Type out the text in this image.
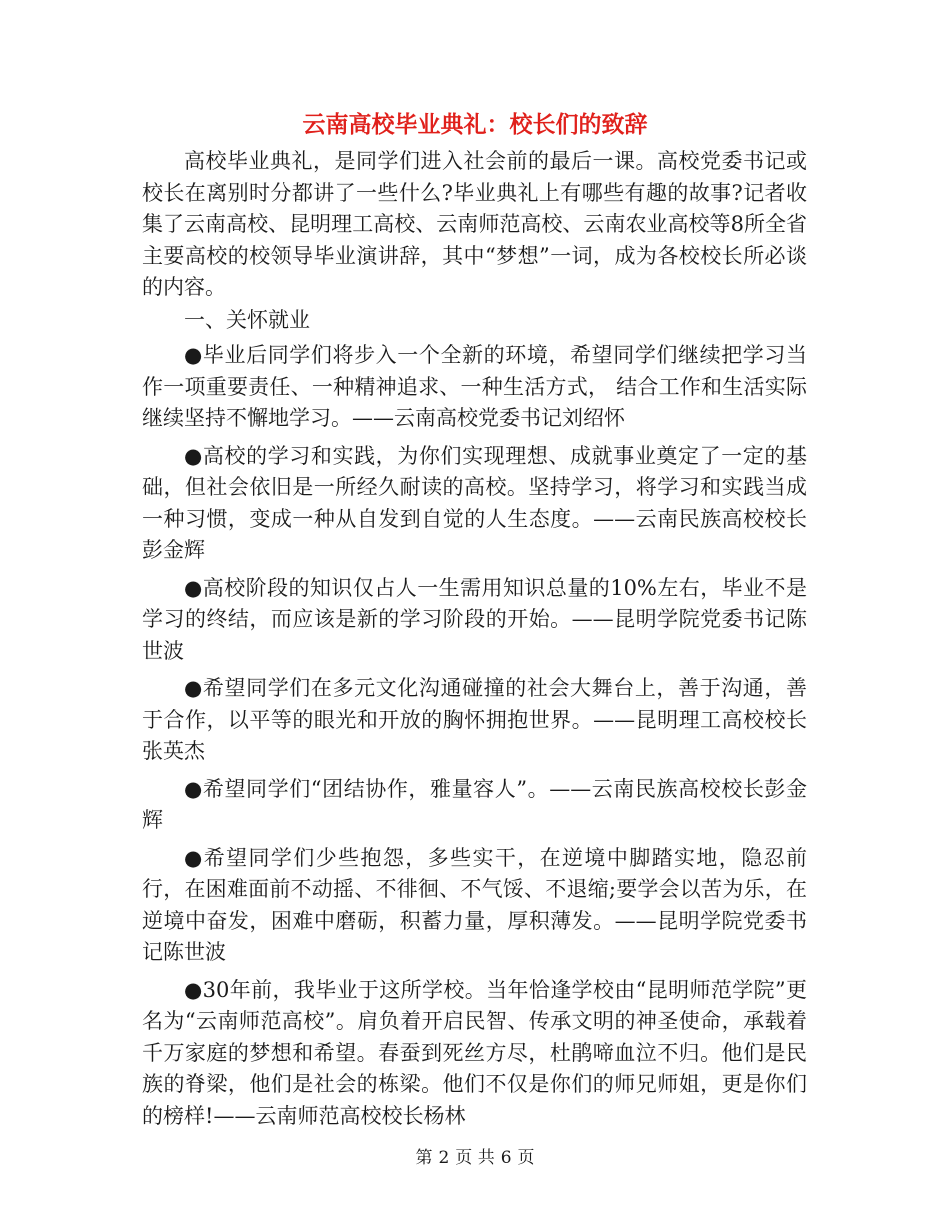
云南高校毕业典礼：校长们的致辞

高校毕业典礼，是同学们进入社会前的最后一课。高校党委书记或校长在离别时分都讲了一些什么?毕业典礼上有哪些有趣的故事?记者收集了云南高校、昆明理工高校、云南师范高校、云南农业高校等8所全省主要高校的校领导毕业演讲辞，其中“梦想”一词，成为各校校长所必谈的内容。

一、关怀就业

●毕业后同学们将步入一个全新的环境，希望同学们继续把学习当作一项重要责任、一种精神追求、一种生活方式， 结合工作和生活实际继续坚持不懈地学习。——云南高校党委书记刘绍怀

●高校的学习和实践，为你们实现理想、成就事业奠定了一定的基础，但社会依旧是一所经久耐读的高校。坚持学习，将学习和实践当成一种习惯，变成一种从自发到自觉的人生态度。——云南民族高校校长彭金辉

●高校阶段的知识仅占人一生需用知识总量的10%左右，毕业不是学习的终结，而应该是新的学习阶段的开始。——昆明学院党委书记陈世波

●希望同学们在多元文化沟通碰撞的社会大舞台上，善于沟通，善于合作，以平等的眼光和开放的胸怀拥抱世界。——昆明理工高校校长张英杰

●希望同学们“团结协作，雅量容人”。——云南民族高校校长彭金辉

●希望同学们少些抱怨，多些实干，在逆境中脚踏实地，隐忍前行，在困难面前不动摇、不徘徊、不气馁、不退缩;要学会以苦为乐，在逆境中奋发，困难中磨砺，积蓄力量，厚积薄发。——昆明学院党委书记陈世波

●30年前，我毕业于这所学校。当年恰逢学校由“昆明师范学院”更名为“云南师范高校”。肩负着开启民智、传承文明的神圣使命，承载着千万家庭的梦想和希望。春蚕到死丝方尽，杜鹃啼血泣不归。他们是民族的脊梁，他们是社会的栋梁。他们不仅是你们的师兄师姐，更是你们的榜样!——云南师范高校校长杨林

第 2 页 共 6 页
